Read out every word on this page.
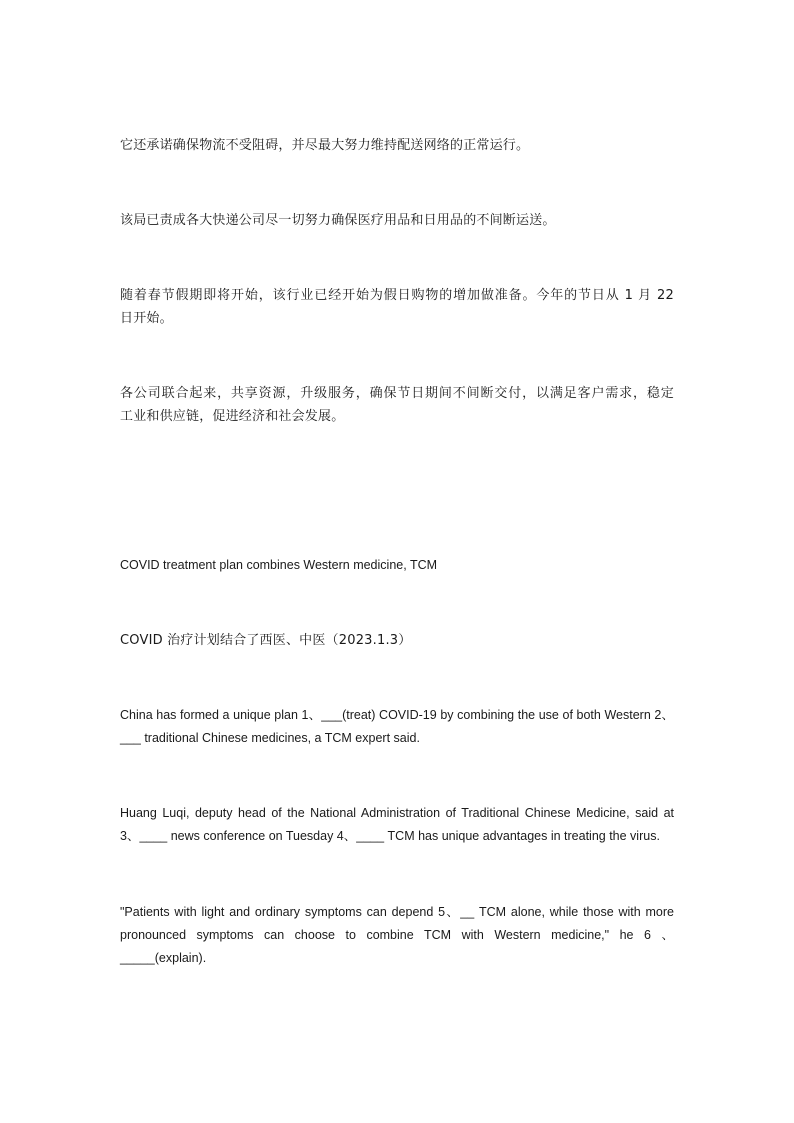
它还承诺确保物流不受阻碍，并尽最大努力维持配送网络的正常运行。

该局已责成各大快递公司尽一切努力确保医疗用品和日用品的不间断运送。

随着春节假期即将开始，该行业已经开始为假日购物的增加做准备。今年的节日从 1 月 22
日开始。

各公司联合起来，共享资源，升级服务，确保节日期间不间断交付，以满足客户需求，稳定
工业和供应链，促进经济和社会发展。

COVID treatment plan combines Western medicine, TCM

COVID 治疗计划结合了西医、中医（2023.1.3）

China has formed a unique plan 1、___(treat) COVID-19 by combining the use of both Western 2、
___ traditional Chinese medicines, a TCM expert said.

Huang Luqi, deputy head of the National Administration of Traditional Chinese Medicine, said at
3、____ news conference on Tuesday 4、____ TCM has unique advantages in treating the virus.

"Patients with light and ordinary symptoms can depend 5、__ TCM alone, while those with more
pronounced symptoms can choose to combine TCM with Western medicine," he 6 、
_____(explain).
